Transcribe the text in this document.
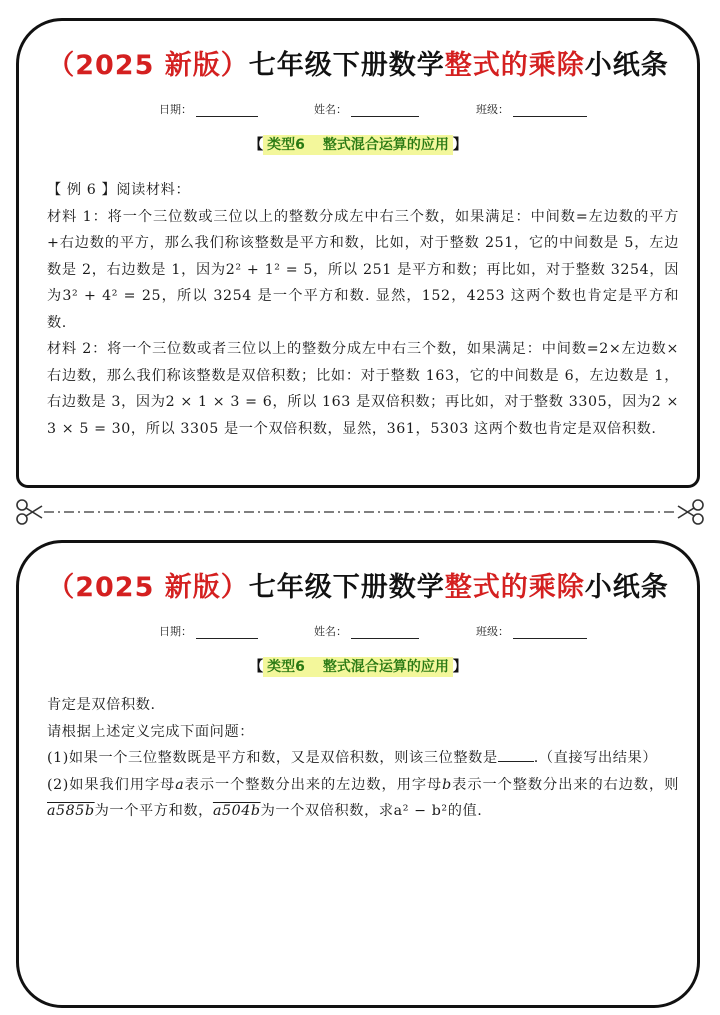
（2025 新版）七年级下册数学整式的乘除小纸条
日期：	姓名：	班级：
【 类型6 整式混合运算的应用 】

【 例 6 】阅读材料：

材料 1：将一个三位数或三位以上的整数分成左中右三个数，如果满足：中间数=左边数的平方+右边数的平方，那么我们称该整数是平方和数，比如，对于整数 251，它的中间数是 5，左边数是 2，右边数是 1，因为2² + 1² = 5，所以 251 是平方和数；再比如，对于整数 3254，因为3² + 4² = 25，所以 3254 是一个平方和数. 显然，152，4253 这两个数也肯定是平方和数.

材料 2：将一个三位数或者三位以上的整数分成左中右三个数，如果满足：中间数=2×左边数×右边数，那么我们称该整数是双倍积数；比如：对于整数 163，它的中间数是 6，左边数是 1，右边数是 3，因为2 × 1 × 3 = 6，所以 163 是双倍积数；再比如，对于整数 3305，因为2 × 3 × 5 = 30，所以 3305 是一个双倍积数，显然，361，5303 这两个数也肯定是双倍积数.

（2025 新版）七年级下册数学整式的乘除小纸条
日期：	姓名：	班级：
【 类型6 整式混合运算的应用 】

肯定是双倍积数.

请根据上述定义完成下面问题：

(1)如果一个三位整数既是平方和数，又是双倍积数，则该三位整数是	.（直接写出结果）

(2)如果我们用字母a表示一个整数分出来的左边数，用字母b表示一个整数分出来的右边数，则a585b为一个平方和数，a504b为一个双倍积数，求a² − b²的值.
